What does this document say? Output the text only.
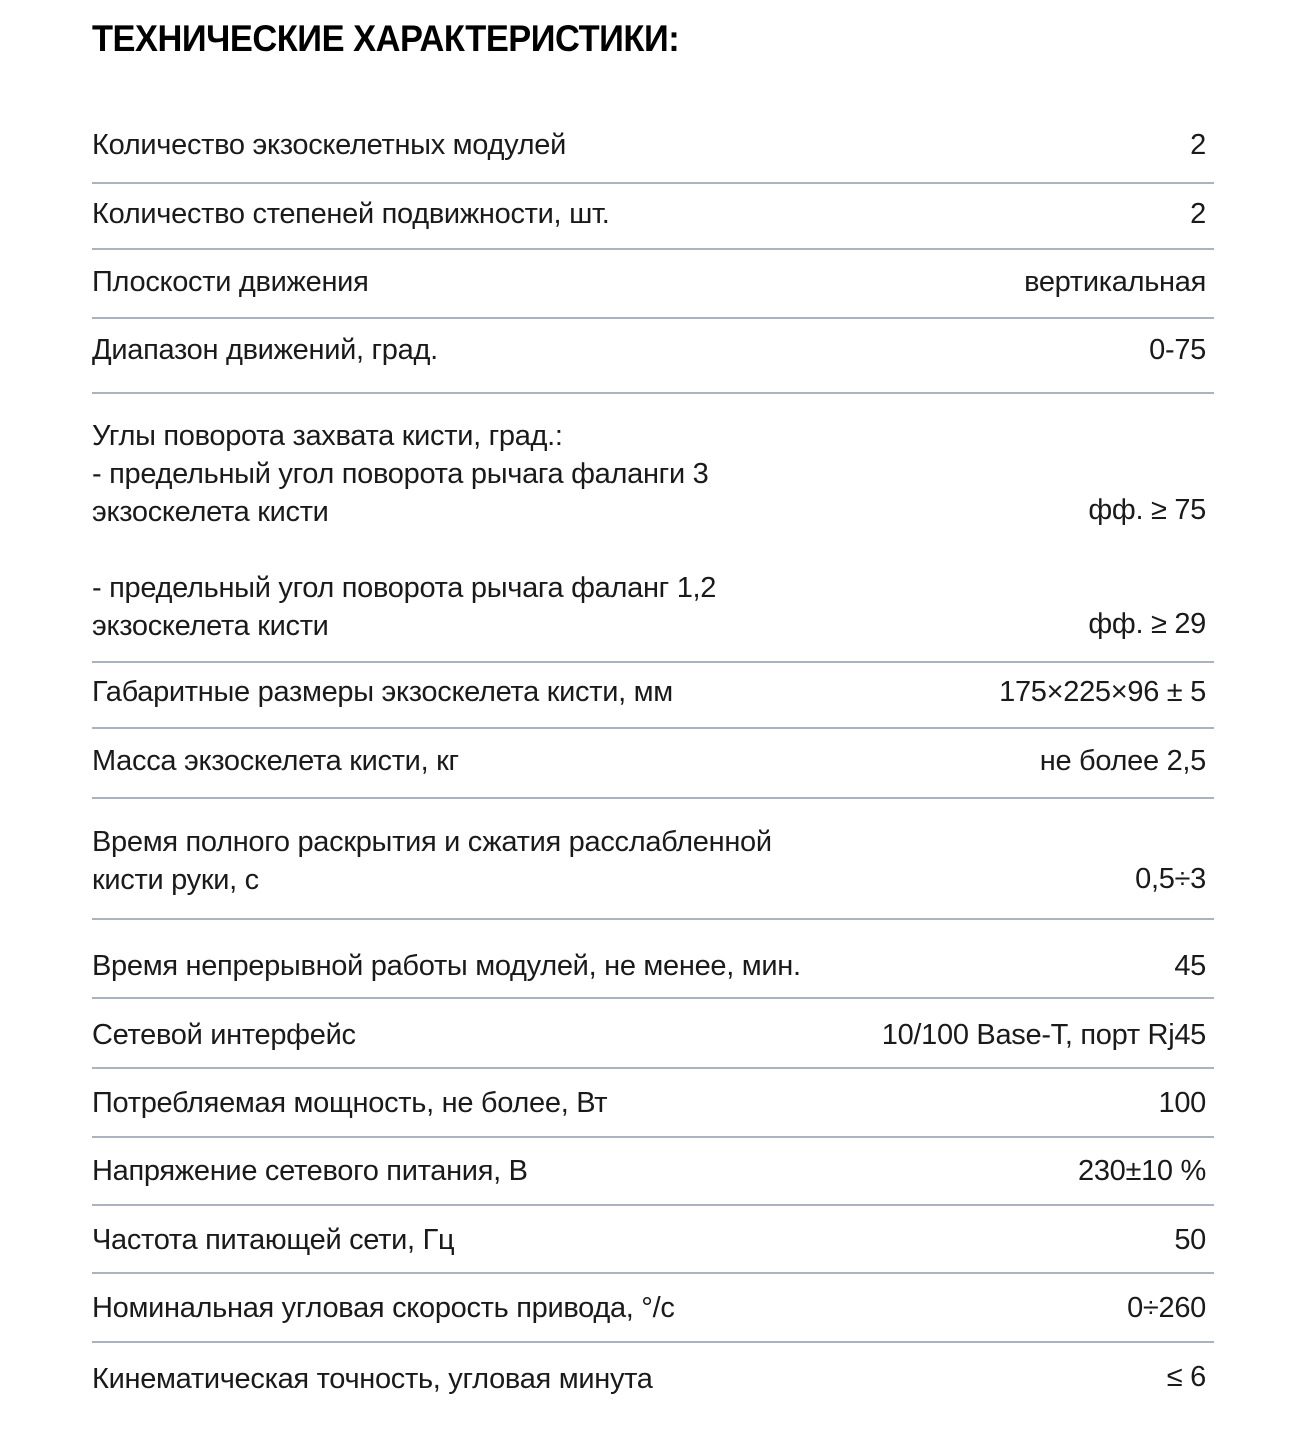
ТЕХНИЧЕСКИЕ ХАРАКТЕРИСТИКИ:
Количество экзоскелетных модулей	2
Количество степеней подвижности, шт.	2
Плоскости движения	вертикальная
Диапазон движений, град.	0-75
Углы поворота захвата кисти, град.:
- предельный угол поворота рычага фаланги 3
экзоскелета кисти	фф. ≥ 75
- предельный угол поворота рычага фаланг 1,2
экзоскелета кисти	фф. ≥ 29
Габаритные размеры экзоскелета кисти, мм	175×225×96 ± 5
Масса экзоскелета кисти, кг	не более 2,5
Время полного раскрытия и сжатия расслабленной
кисти руки, с	0,5÷3
Время непрерывной работы модулей, не менее, мин.	45
Сетевой интерфейс	10/100 Base-T, порт Rj45
Потребляемая мощность, не более, Вт	100
Напряжение сетевого питания, В	230±10 %
Частота питающей сети, Гц	50
Номинальная угловая скорость привода, °/с	0÷260
Кинематическая точность, угловая минута	≤ 6
